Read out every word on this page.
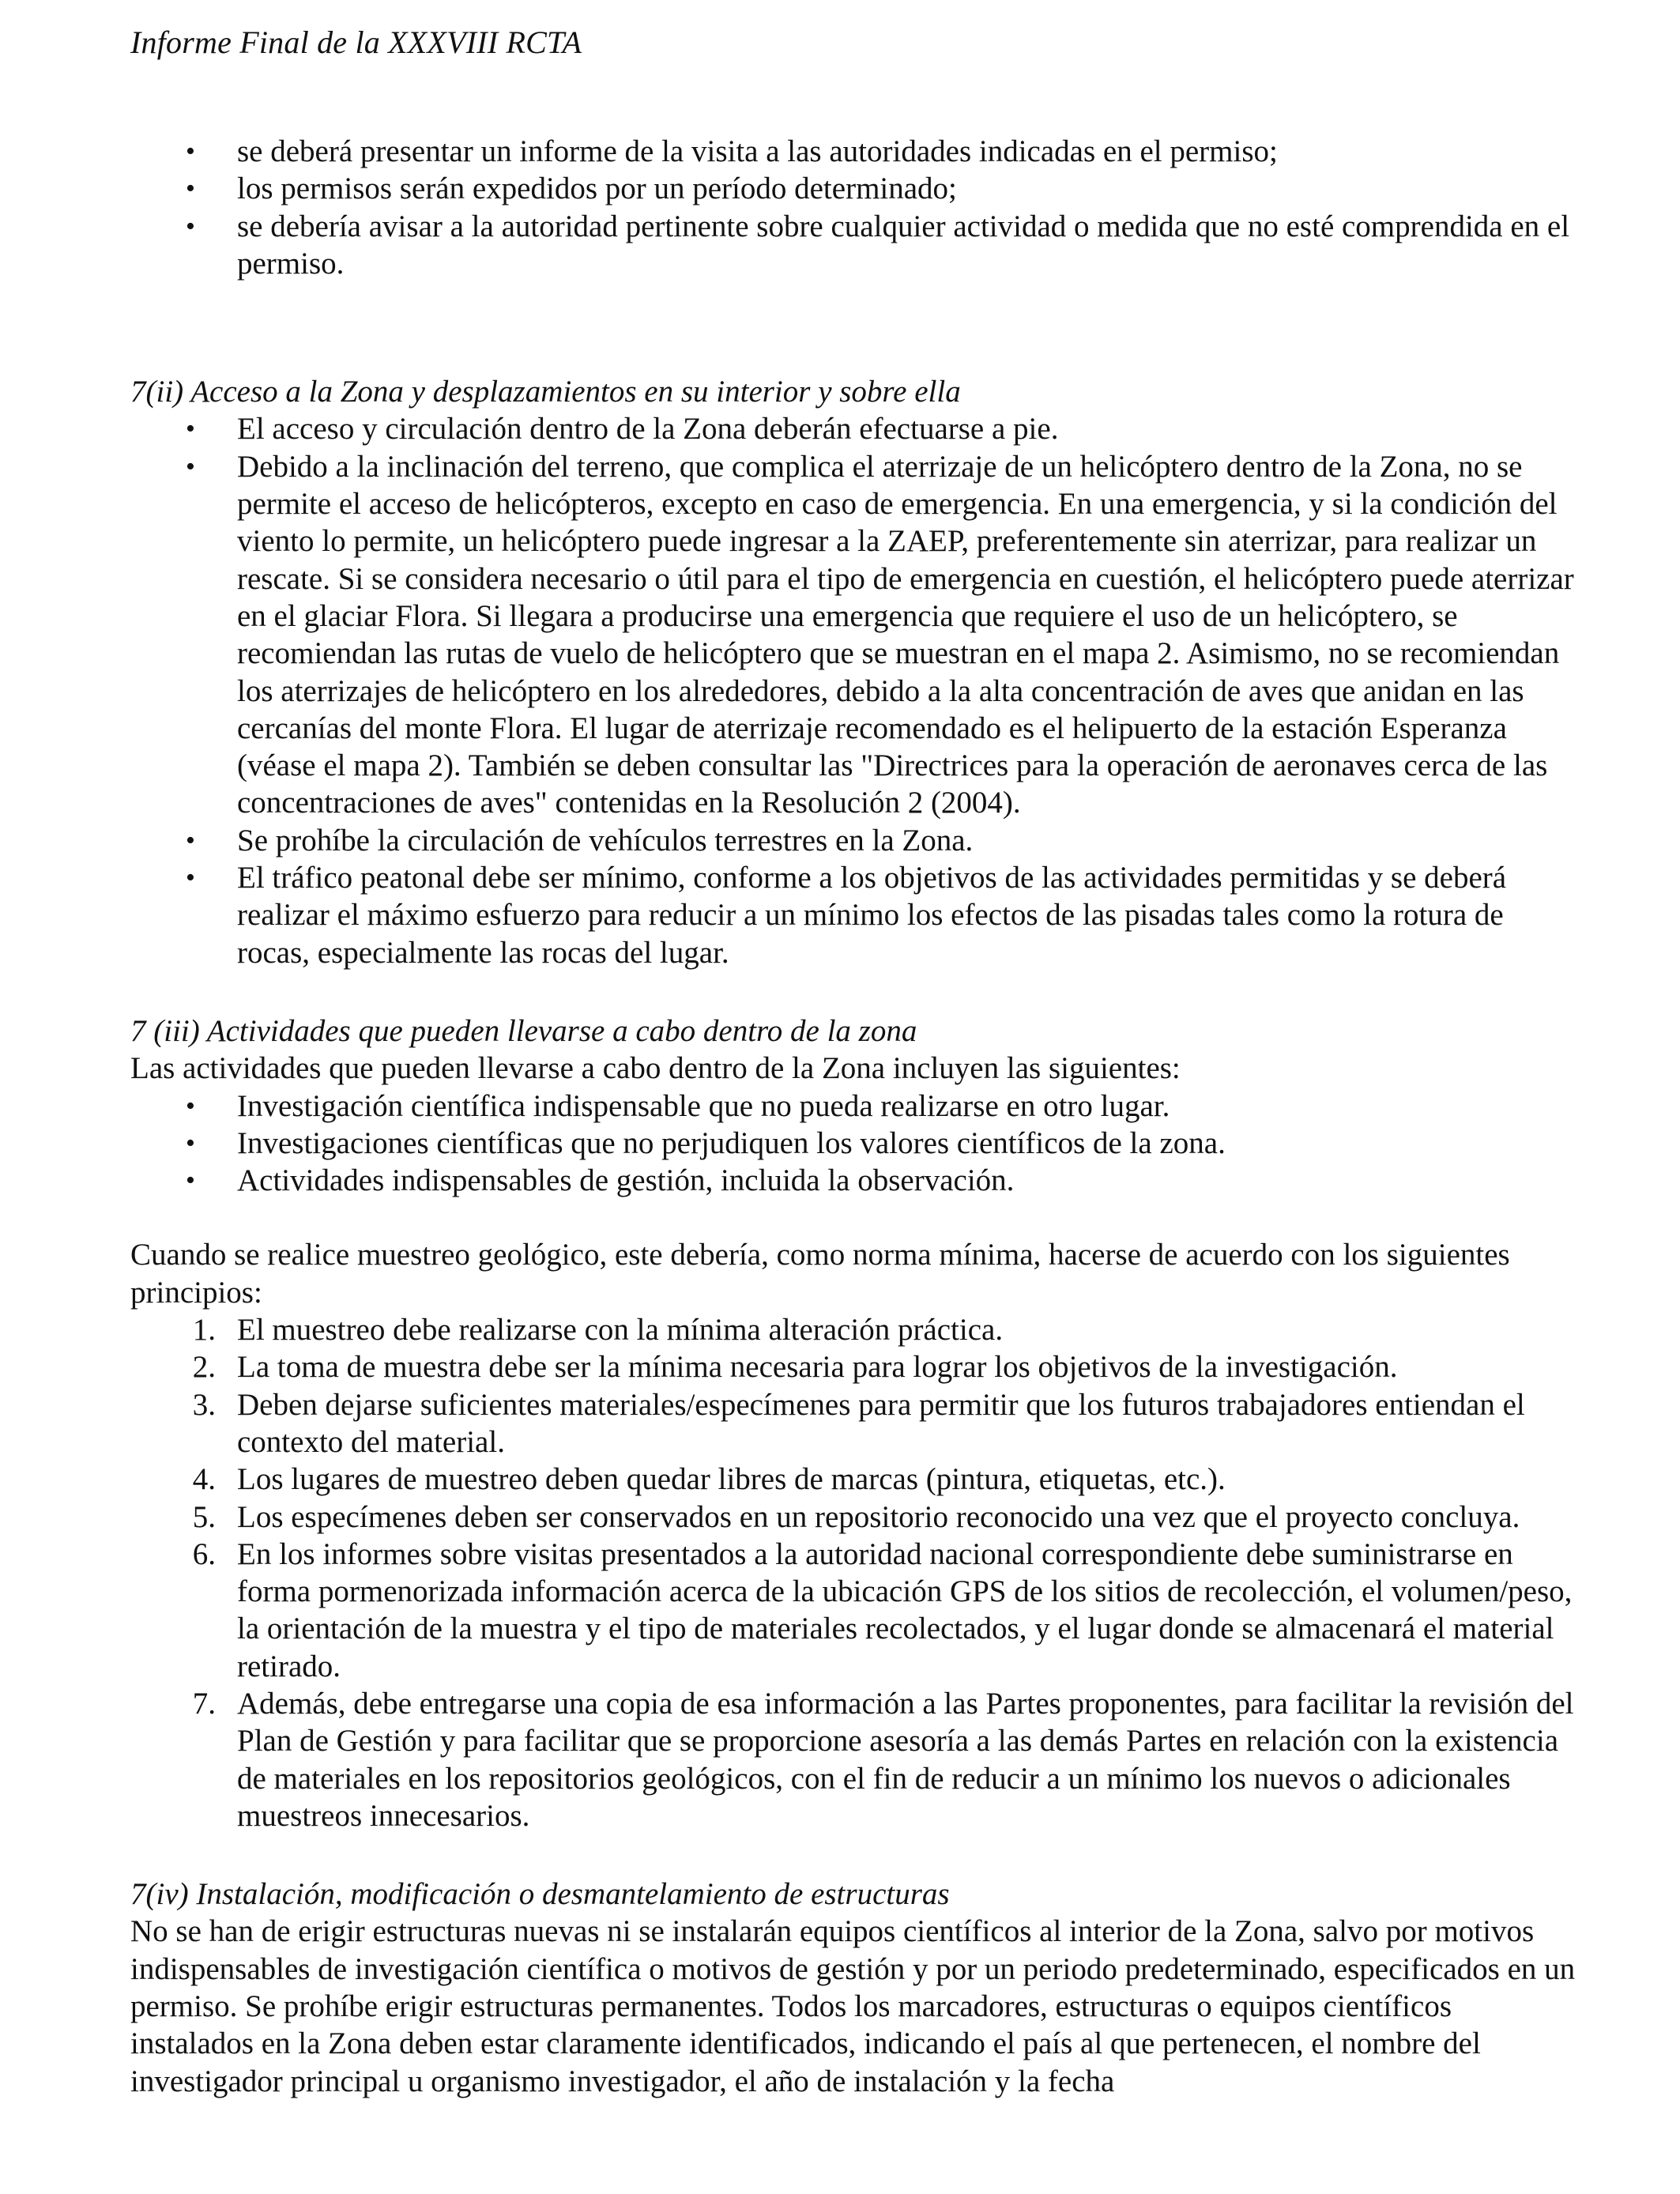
Informe Final de la XXXVIII RCTA
• se deberá presentar un informe de la visita a las autoridades indicadas en el permiso;
• los permisos serán expedidos por un período determinado;
• se debería avisar a la autoridad pertinente sobre cualquier actividad o medida que no esté comprendida en el permiso.
7(ii) Acceso a la Zona y desplazamientos en su interior y sobre ella
• El acceso y circulación dentro de la Zona deberán efectuarse a pie.
• Debido a la inclinación del terreno, que complica el aterrizaje de un helicóptero dentro de la Zona, no se permite el acceso de helicópteros, excepto en caso de emergencia. En una emergencia, y si la condición del viento lo permite, un helicóptero puede ingresar a la ZAEP, preferentemente sin aterrizar, para realizar un rescate. Si se considera necesario o útil para el tipo de emergencia en cuestión, el helicóptero puede aterrizar en el glaciar Flora. Si llegara a producirse una emergencia que requiere el uso de un helicóptero, se recomiendan las rutas de vuelo de helicóptero que se muestran en el mapa 2. Asimismo, no se recomiendan los aterrizajes de helicóptero en los alrededores, debido a la alta concentración de aves que anidan en las cercanías del monte Flora. El lugar de aterrizaje recomendado es el helipuerto de la estación Esperanza (véase el mapa 2). También se deben consultar las "Directrices para la operación de aeronaves cerca de las concentraciones de aves" contenidas en la Resolución 2 (2004).
• Se prohíbe la circulación de vehículos terrestres en la Zona.
• El tráfico peatonal debe ser mínimo, conforme a los objetivos de las actividades permitidas y se deberá realizar el máximo esfuerzo para reducir a un mínimo los efectos de las pisadas tales como la rotura de rocas, especialmente las rocas del lugar.
7 (iii) Actividades que pueden llevarse a cabo dentro de la zona

Las actividades que pueden llevarse a cabo dentro de la Zona incluyen las siguientes:

• Investigación científica indispensable que no pueda realizarse en otro lugar.
• Investigaciones científicas que no perjudiquen los valores científicos de la zona.
• Actividades indispensables de gestión, incluida la observación.

Cuando se realice muestreo geológico, este debería, como norma mínima, hacerse de acuerdo con los siguientes principios:

1. El muestreo debe realizarse con la mínima alteración práctica.
2. La toma de muestra debe ser la mínima necesaria para lograr los objetivos de la investigación.
3. Deben dejarse suficientes materiales/especímenes para permitir que los futuros trabajadores entiendan el contexto del material.
4. Los lugares de muestreo deben quedar libres de marcas (pintura, etiquetas, etc.).
5. Los especímenes deben ser conservados en un repositorio reconocido una vez que el proyecto concluya.
6. En los informes sobre visitas presentados a la autoridad nacional correspondiente debe suministrarse en forma pormenorizada información acerca de la ubicación GPS de los sitios de recolección, el volumen/peso, la orientación de la muestra y el tipo de materiales recolectados, y el lugar donde se almacenará el material retirado.
7. Además, debe entregarse una copia de esa información a las Partes proponentes, para facilitar la revisión del Plan de Gestión y para facilitar que se proporcione asesoría a las demás Partes en relación con la existencia de materiales en los repositorios geológicos, con el fin de reducir a un mínimo los nuevos o adicionales muestreos innecesarios.
7(iv) Instalación, modificación o desmantelamiento de estructuras

No se han de erigir estructuras nuevas ni se instalarán equipos científicos al interior de la Zona, salvo por motivos indispensables de investigación científica o motivos de gestión y por un periodo predeterminado, especificados en un permiso. Se prohíbe erigir estructuras permanentes. Todos los marcadores, estructuras o equipos científicos instalados en la Zona deben estar claramente identificados, indicando el país al que pertenecen, el nombre del investigador principal u organismo investigador, el año de instalación y la fecha
